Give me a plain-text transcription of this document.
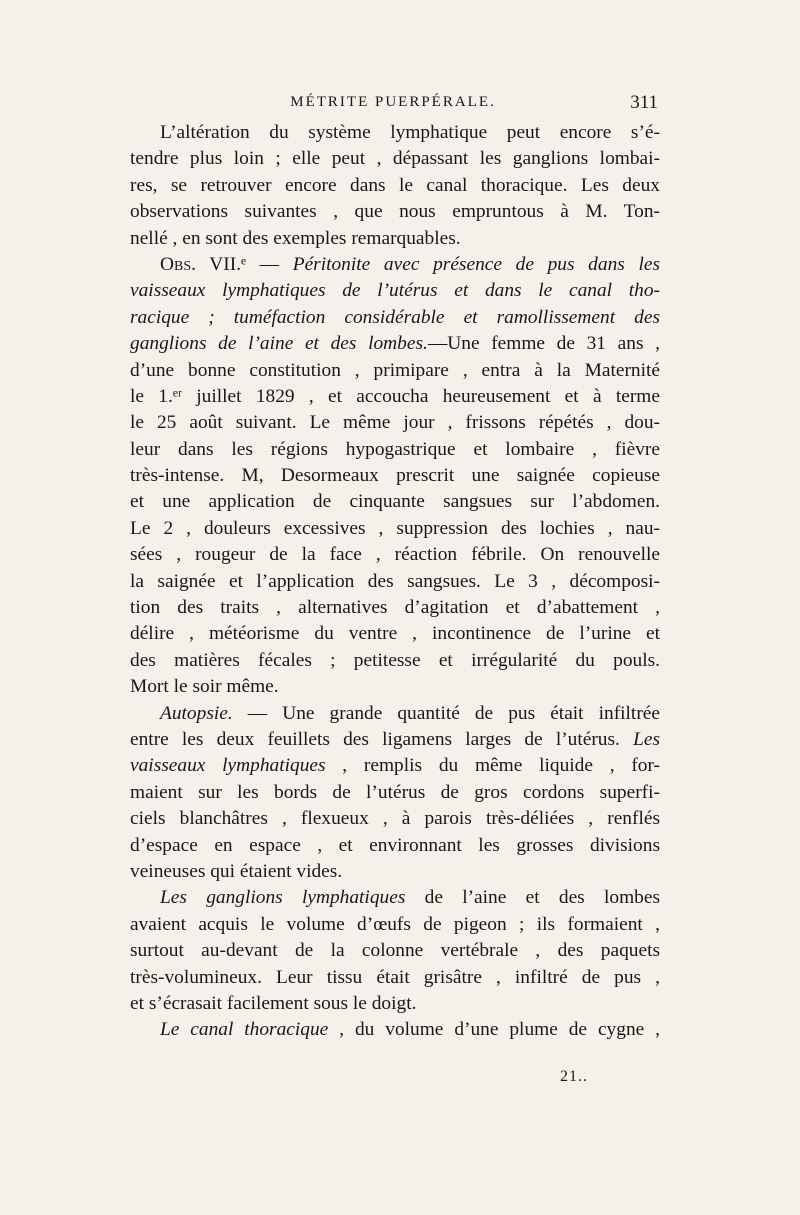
MÉTRITE PUERPÉRALE.	311
L’altération du système lymphatique peut encore s’é-
tendre plus loin ; elle peut , dépassant les ganglions lombai-
res, se retrouver encore dans le canal thoracique. Les deux
observations suivantes , que nous empruntous à M. Ton-
nellé , en sont des exemples remarquables.
Obs. VII.ᵉ — Péritonite avec présence de pus dans les
vaisseaux lymphatiques de l’utérus et dans le canal tho-
racique ; tuméfaction considérable et ramollissement des
ganglions de l’aine et des lombes.—Une femme de 31 ans ,
d’une bonne constitution , primipare , entra à la Maternité
le 1.ᵉʳ juillet 1829 , et accoucha heureusement et à terme
le 25 août suivant. Le même jour , frissons répétés , dou-
leur dans les régions hypogastrique et lombaire , fièvre
très-intense. M, Desormeaux prescrit une saignée copieuse
et une application de cinquante sangsues sur l’abdomen.
Le 2 , douleurs excessives , suppression des lochies , nau-
sées , rougeur de la face , réaction fébrile. On renouvelle
la saignée et l’application des sangsues. Le 3 , décomposi-
tion des traits , alternatives d’agitation et d’abattement ,
délire , météorisme du ventre , incontinence de l’urine et
des matières fécales ; petitesse et irrégularité du pouls.
Mort le soir même.
Autopsie. — Une grande quantité de pus était infiltrée
entre les deux feuillets des ligamens larges de l’utérus. Les
vaisseaux lymphatiques , remplis du même liquide , for-
maient sur les bords de l’utérus de gros cordons superfi-
ciels blanchâtres , flexueux , à parois très-déliées , renflés
d’espace en espace , et environnant les grosses divisions
veineuses qui étaient vides.
Les ganglions lymphatiques de l’aine et des lombes
avaient acquis le volume d’œufs de pigeon ; ils formaient ,
surtout au-devant de la colonne vertébrale , des paquets
très-volumineux. Leur tissu était grisâtre , infiltré de pus ,
et s’écrasait facilement sous le doigt.
Le canal thoracique , du volume d’une plume de cygne ,
21..
